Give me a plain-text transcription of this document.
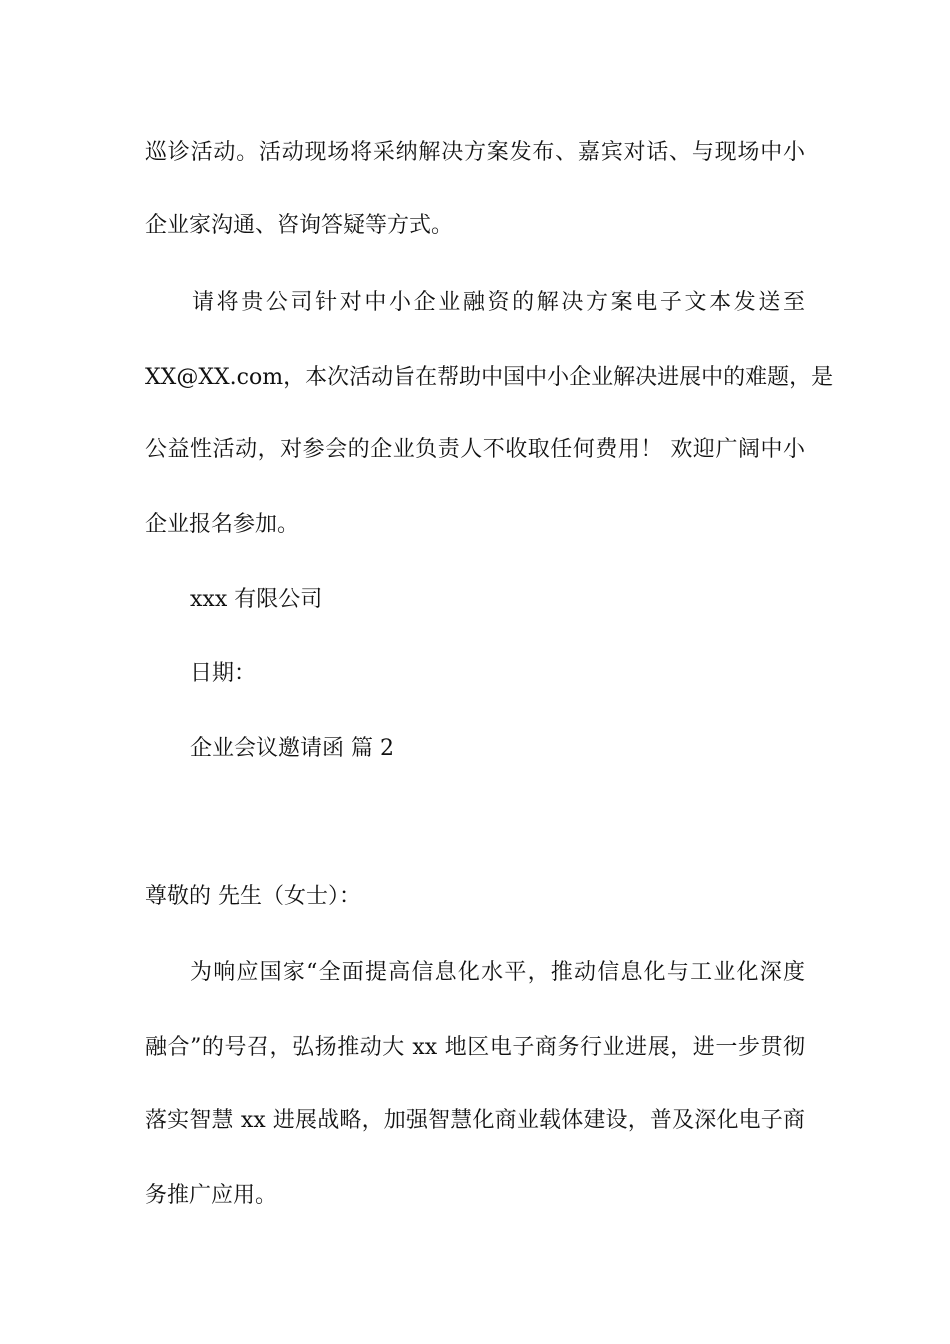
巡诊活动。活动现场将采纳解决方案发布、嘉宾对话、与现场中小
企业家沟通、咨询答疑等方式。
请将贵公司针对中小企业融资的解决方案电子文本发送至
XX@XX.com，本次活动旨在帮助中国中小企业解决进展中的难题，是
公益性活动，对参会的企业负责人不收取任何费用！ 欢迎广阔中小
企业报名参加。
xxx 有限公司
日期：
企业会议邀请函 篇 2
尊敬的 先生（女士）：
为响应国家“全面提高信息化水平，推动信息化与工业化深度
融合”的号召，弘扬推动大 xx 地区电子商务行业进展，进一步贯彻
落实智慧 xx 进展战略，加强智慧化商业载体建设，普及深化电子商
务推广应用。
